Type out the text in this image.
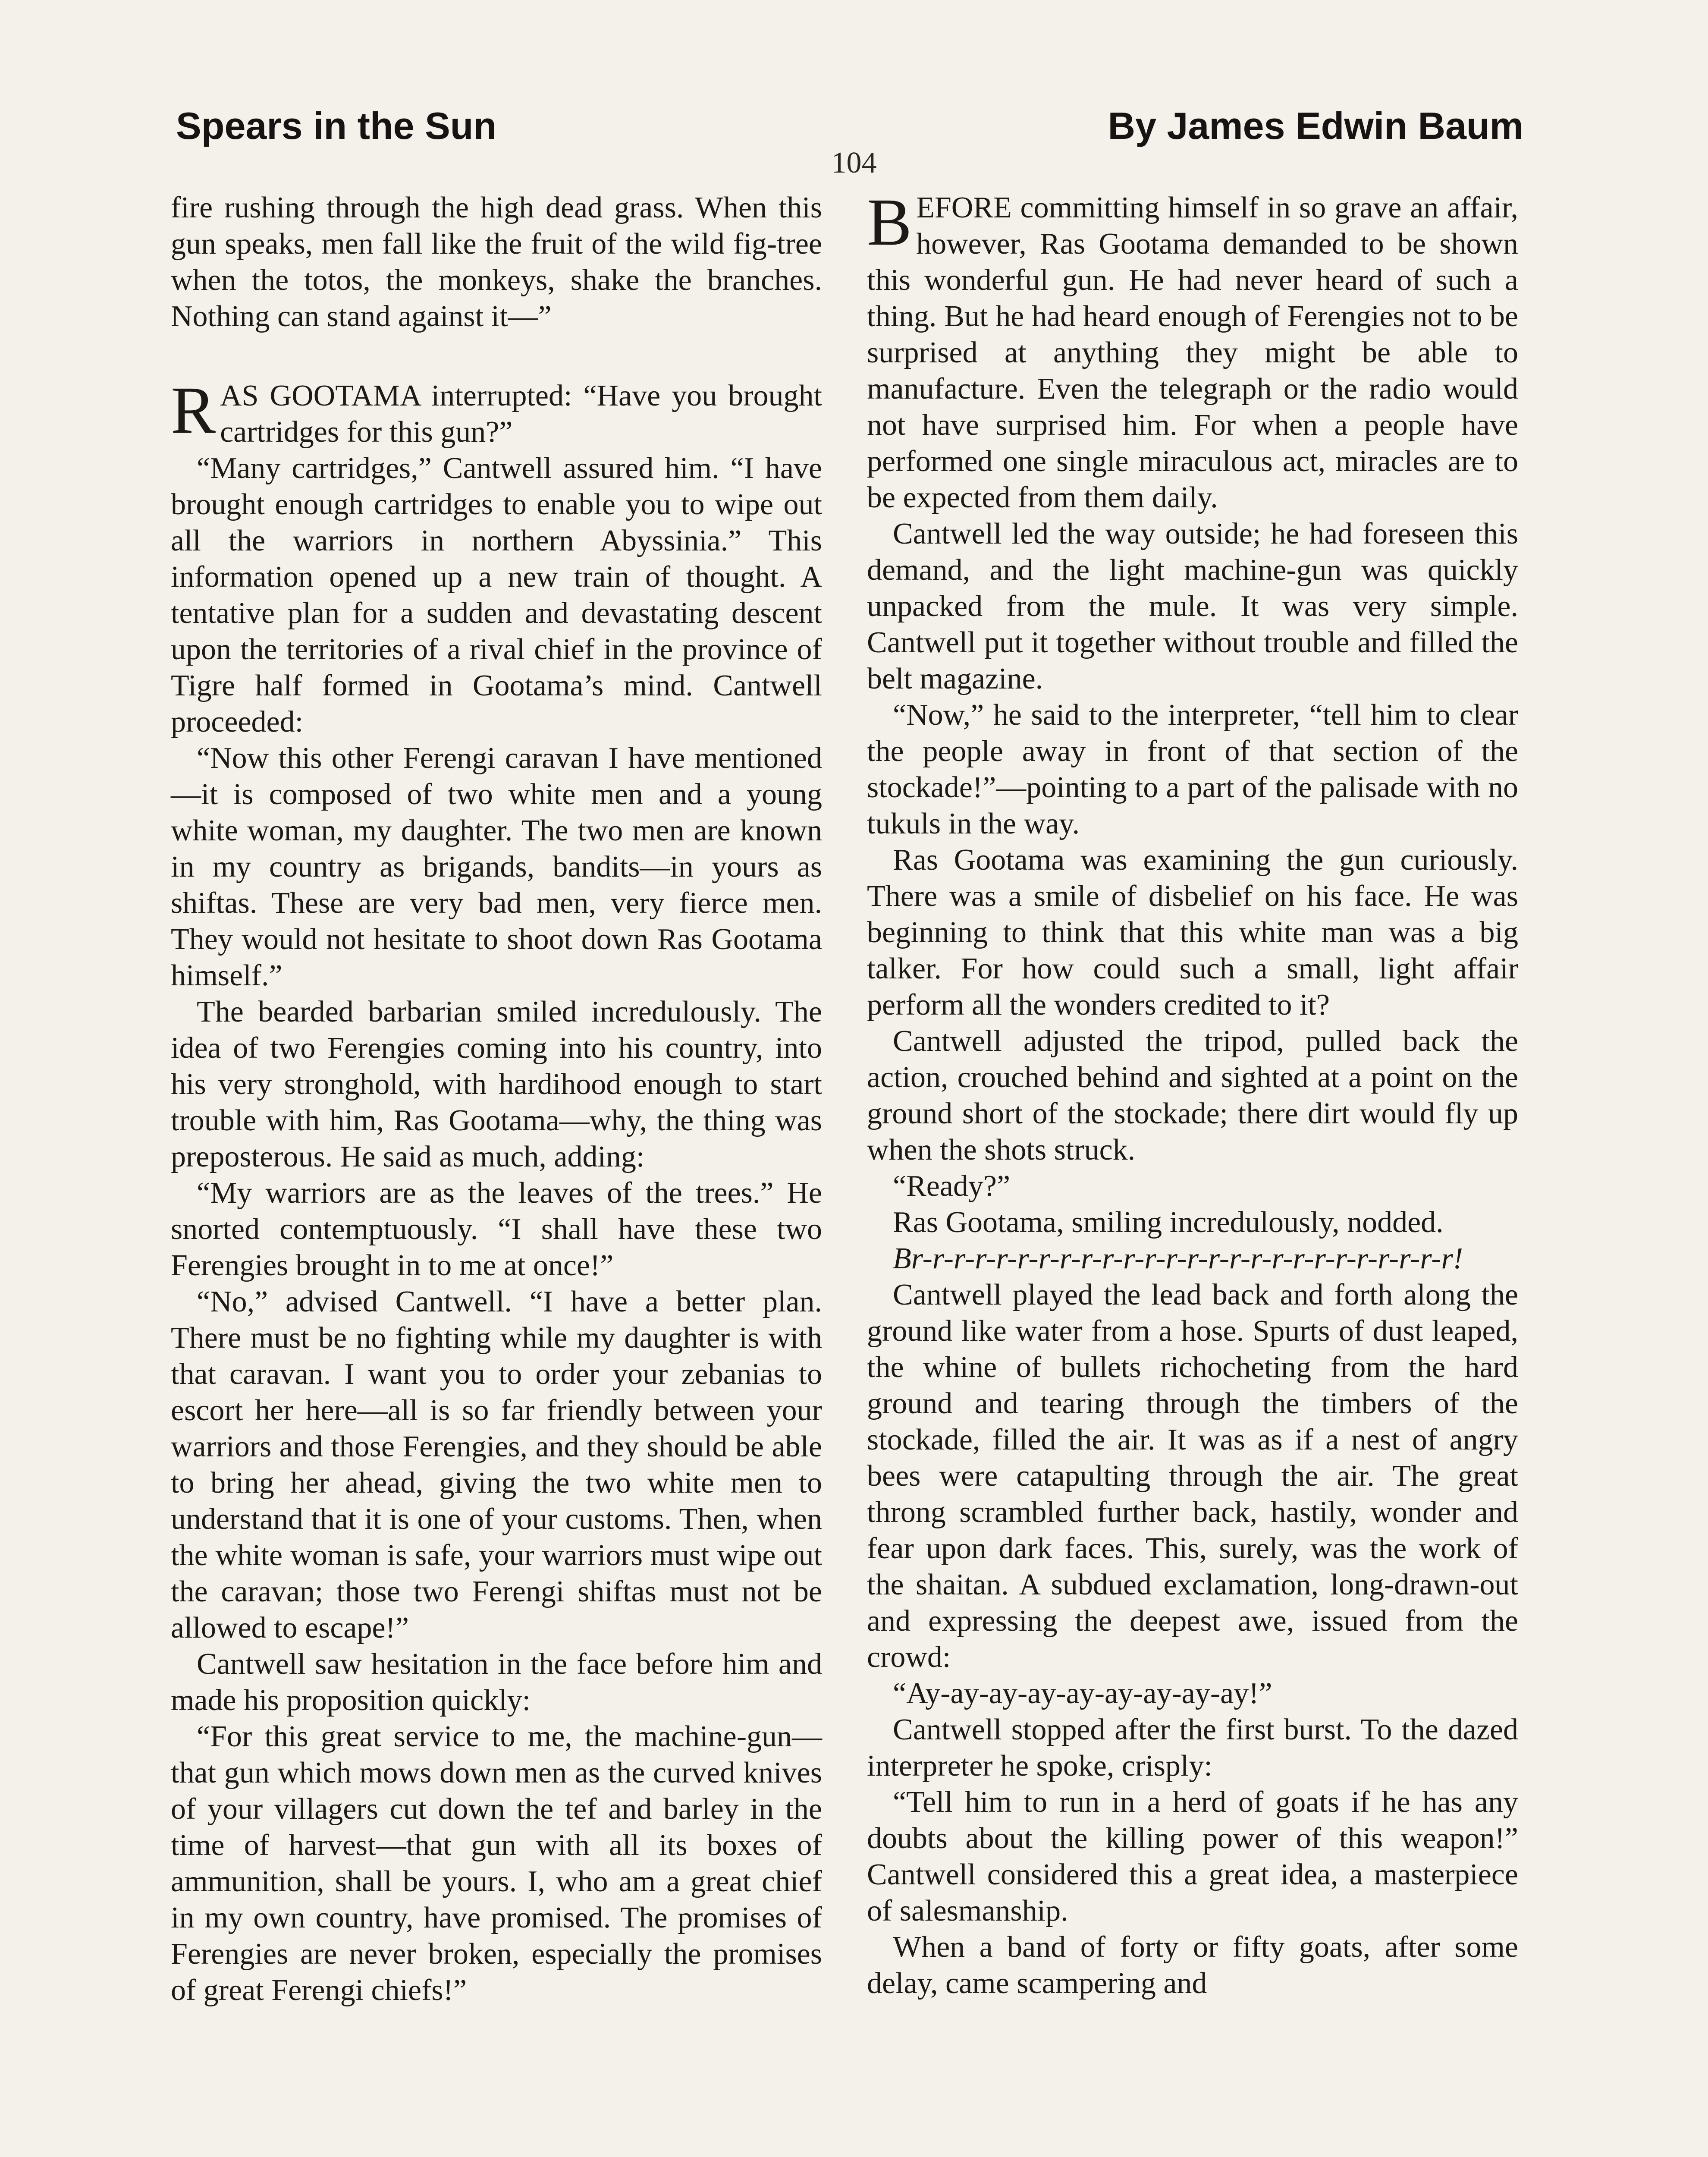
Spears in the Sun	By James Edwin Baum
104

fire rushing through the high dead grass. When this gun speaks, men fall like the fruit of the wild fig-tree when the totos, the monkeys, shake the branches. Nothing can stand against it—”

RAS GOOTAMA interrupted: “Have you brought cartridges for this gun?”

“Many cartridges,” Cantwell assured him. “I have brought enough cartridges to enable you to wipe out all the warriors in northern Abyssinia.” This information opened up a new train of thought. A tentative plan for a sudden and devastating descent upon the territories of a rival chief in the province of Tigre half formed in Gootama’s mind. Cantwell proceeded:

“Now this other Ferengi caravan I have mentioned—it is composed of two white men and a young white woman, my daughter. The two men are known in my country as brigands, bandits—in yours as shiftas. These are very bad men, very fierce men. They would not hesitate to shoot down Ras Gootama himself.”

The bearded barbarian smiled incredulously. The idea of two Ferengies coming into his country, into his very stronghold, with hardihood enough to start trouble with him, Ras Gootama—why, the thing was preposterous. He said as much, adding:

“My warriors are as the leaves of the trees.” He snorted contemptuously. “I shall have these two Ferengies brought in to me at once!”

“No,” advised Cantwell. “I have a better plan. There must be no fighting while my daughter is with that caravan. I want you to order your zebanias to escort her here—all is so far friendly between your warriors and those Ferengies, and they should be able to bring her ahead, giving the two white men to understand that it is one of your customs. Then, when the white woman is safe, your warriors must wipe out the caravan; those two Ferengi shiftas must not be allowed to escape!”

Cantwell saw hesitation in the face before him and made his proposition quickly:

“For this great service to me, the machine-gun—that gun which mows down men as the curved knives of your villagers cut down the tef and barley in the time of harvest—that gun with all its boxes of ammunition, shall be yours. I, who am a great chief in my own country, have promised. The promises of Ferengies are never broken, especially the promises of great Ferengi chiefs!”

BEFORE committing himself in so grave an affair, however, Ras Gootama demanded to be shown this wonderful gun. He had never heard of such a thing. But he had heard enough of Ferengies not to be surprised at anything they might be able to manufacture. Even the telegraph or the radio would not have surprised him. For when a people have performed one single miraculous act, miracles are to be expected from them daily.

Cantwell led the way outside; he had foreseen this demand, and the light machine-gun was quickly unpacked from the mule. It was very simple. Cantwell put it together without trouble and filled the belt magazine.

“Now,” he said to the interpreter, “tell him to clear the people away in front of that section of the stockade!”—pointing to a part of the palisade with no tukuls in the way.

Ras Gootama was examining the gun curiously. There was a smile of disbelief on his face. He was beginning to think that this white man was a big talker. For how could such a small, light affair perform all the wonders credited to it?

Cantwell adjusted the tripod, pulled back the action, crouched behind and sighted at a point on the ground short of the stockade; there dirt would fly up when the shots struck.

“Ready?”

Ras Gootama, smiling incredulously, nodded.

Br-r-r-r-r-r-r-r-r-r-r-r-r-r-r-r-r-r-r-r-r-r-r-r-r-r!

Cantwell played the lead back and forth along the ground like water from a hose. Spurts of dust leaped, the whine of bullets richocheting from the hard ground and tearing through the timbers of the stockade, filled the air. It was as if a nest of angry bees were catapulting through the air. The great throng scrambled further back, hastily, wonder and fear upon dark faces. This, surely, was the work of the shaitan. A subdued exclamation, long-drawn-out and expressing the deepest awe, issued from the crowd:

“Ay-ay-ay-ay-ay-ay-ay-ay-ay!”

Cantwell stopped after the first burst. To the dazed interpreter he spoke, crisply:

“Tell him to run in a herd of goats if he has any doubts about the killing power of this weapon!” Cantwell considered this a great idea, a masterpiece of salesmanship.

When a band of forty or fifty goats, after some delay, came scampering and
